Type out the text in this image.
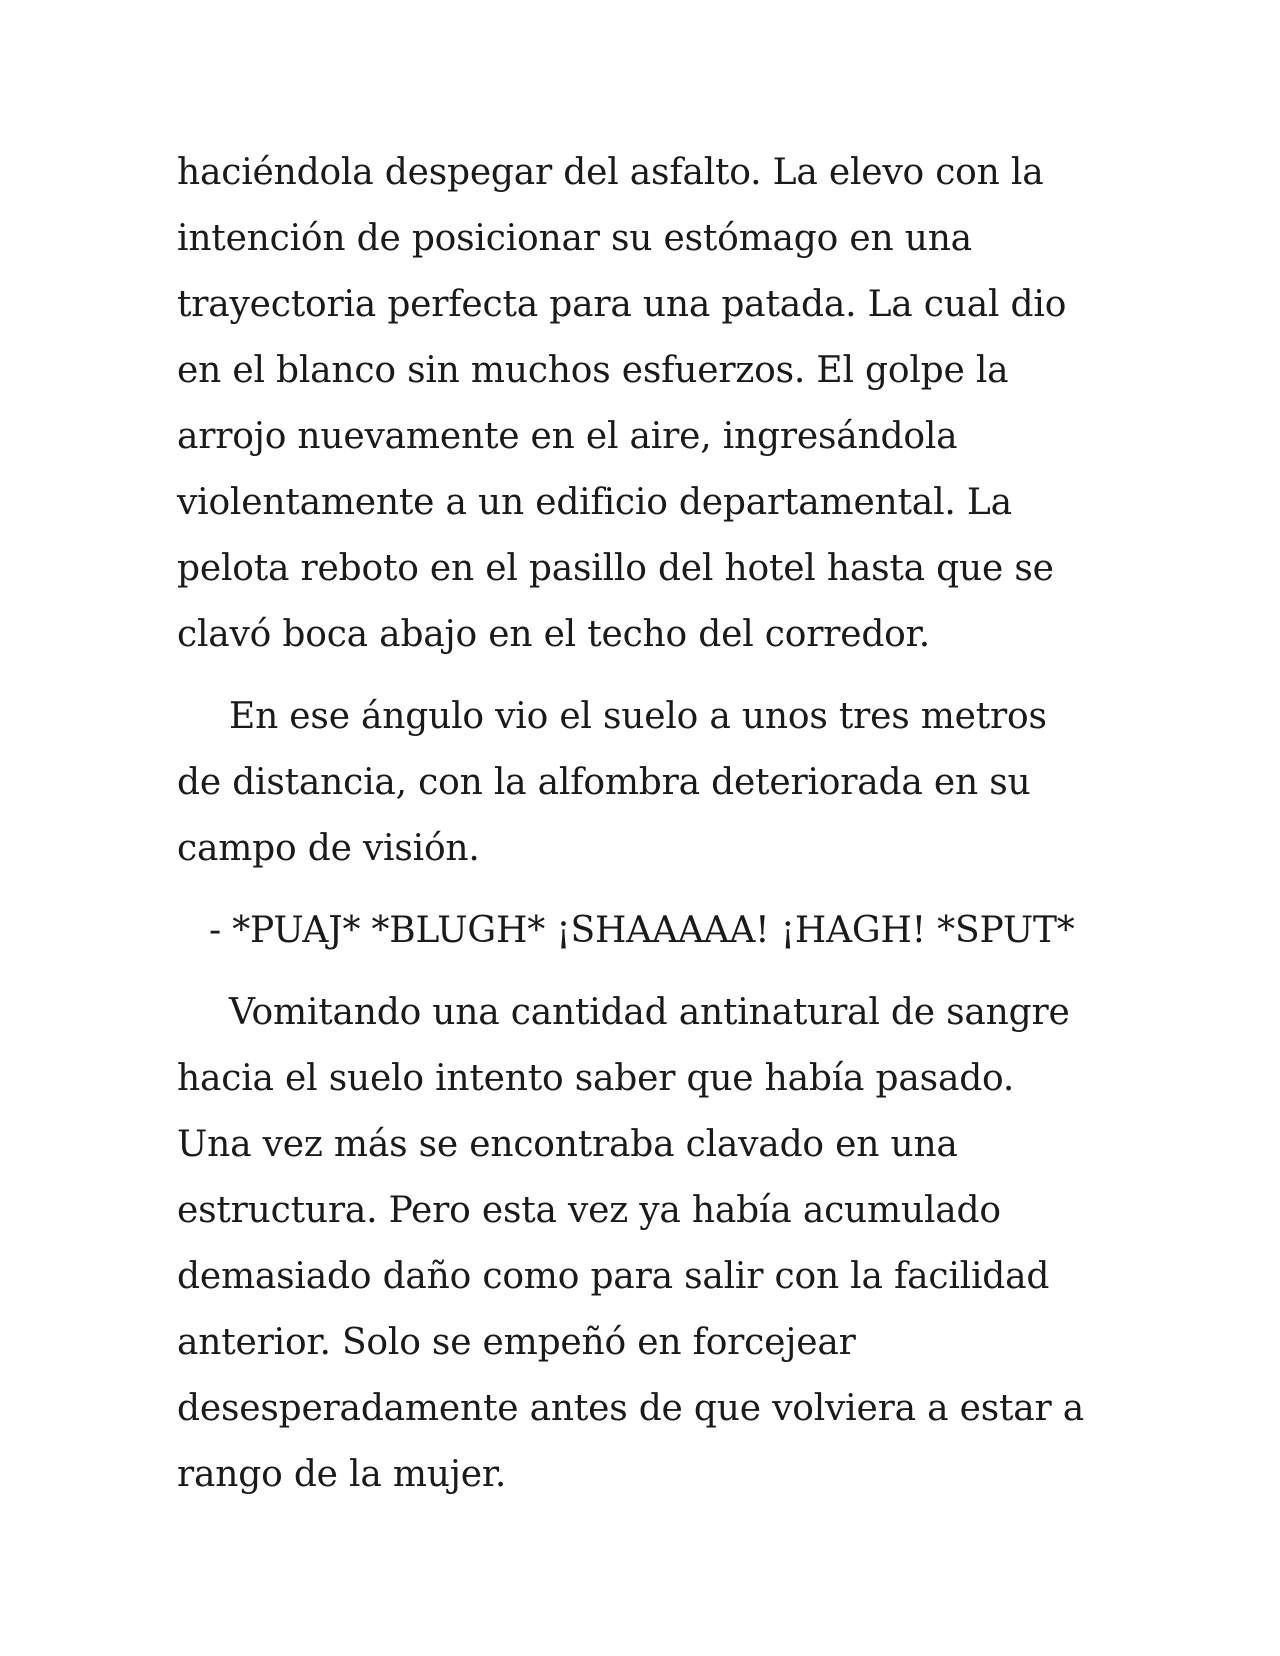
haciéndola despegar del asfalto. La elevo con la
intención de posicionar su estómago en una
trayectoria perfecta para una patada. La cual dio
en el blanco sin muchos esfuerzos. El golpe la
arrojo nuevamente en el aire, ingresándola
violentamente a un edificio departamental. La
pelota reboto en el pasillo del hotel hasta que se
clavó boca abajo en el techo del corredor.
En ese ángulo vio el suelo a unos tres metros
de distancia, con la alfombra deteriorada en su
campo de visión.
- *PUAJ* *BLUGH* ¡SHAAAAA! ¡HAGH! *SPUT*
Vomitando una cantidad antinatural de sangre
hacia el suelo intento saber que había pasado.
Una vez más se encontraba clavado en una
estructura. Pero esta vez ya había acumulado
demasiado daño como para salir con la facilidad
anterior. Solo se empeñó en forcejear
desesperadamente antes de que volviera a estar a
rango de la mujer.
